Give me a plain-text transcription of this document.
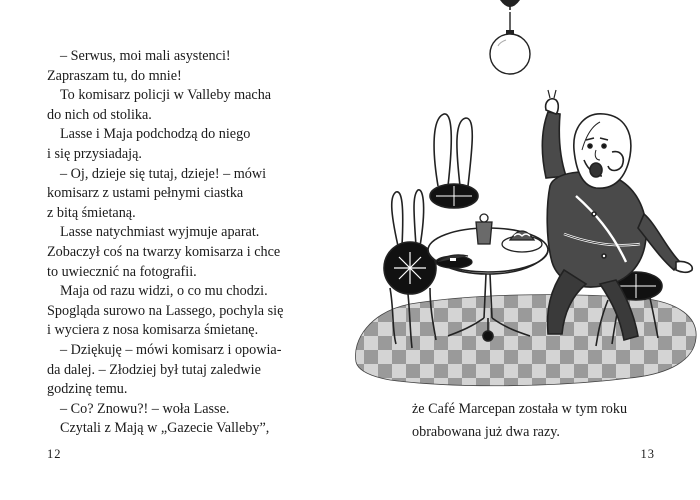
– Serwus, moi mali asystenci!
Zapraszam tu, do mnie!
To komisarz policji w Valleby macha
do nich od stolika.
Lasse i Maja podchodzą do niego
i się przysiadają.
– Oj, dzieje się tutaj, dzieje! – mówi
komisarz z ustami pełnymi ciastka
z bitą śmietaną.
Lasse natychmiast wyjmuje aparat.
Zobaczył coś na twarzy komisarza i chce
to uwiecznić na fotografii.
Maja od razu widzi, o co mu chodzi.
Spogląda surowo na Lassego, pochyla się
i wyciera z nosa komisarza śmietanę.
– Dziękuję – mówi komisarz i opowia-
da dalej. – Złodziej był tutaj zaledwie
godzinę temu.
– Co? Znowu?! – woła Lasse.
Czytali z Mają w „Gazecie Valleby”,
12
że Café Marcepan została w tym roku
obrabowana już dwa razy.
13
